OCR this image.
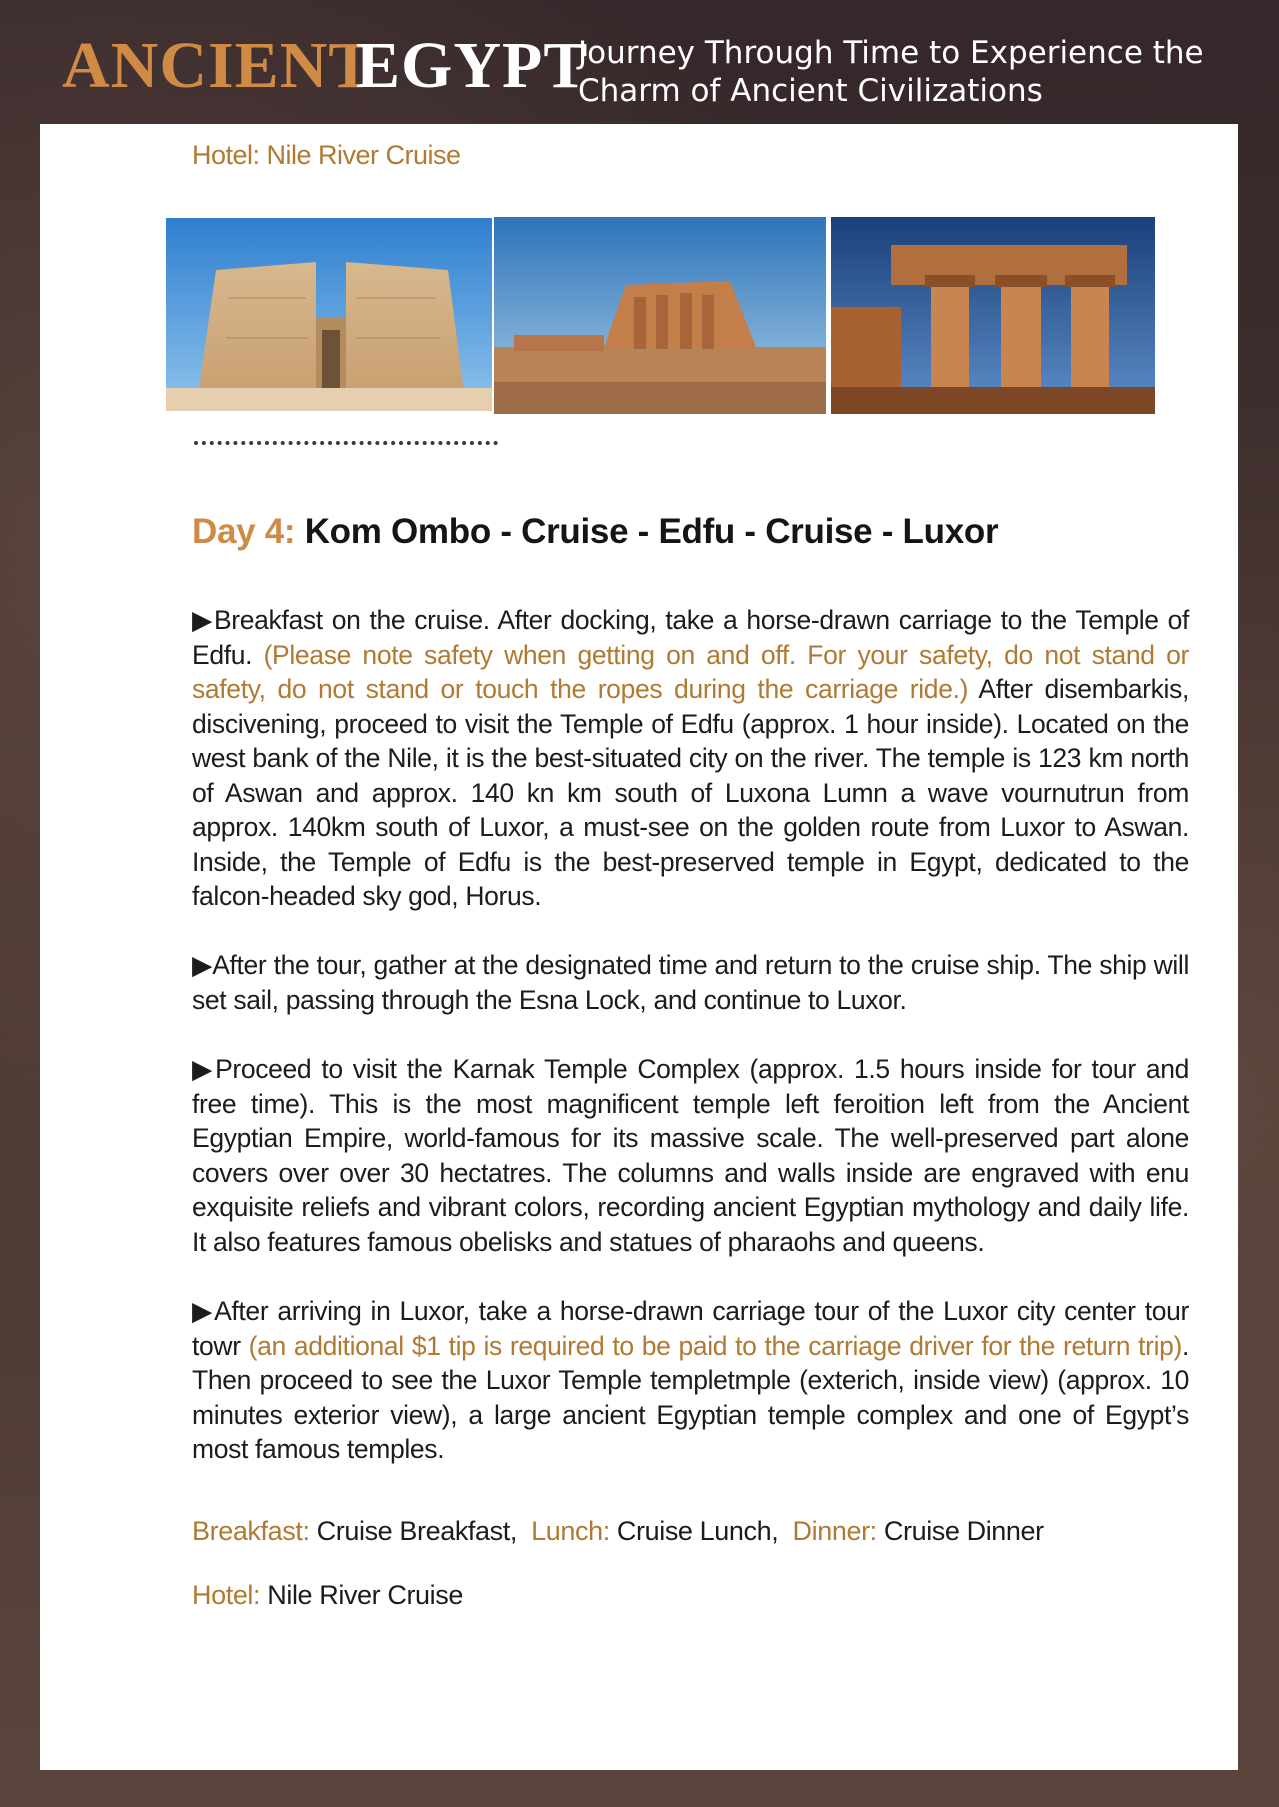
ANCIENT
EGYPT
Journey Through Time to Experience the
Charm of Ancient Civilizations
Hotel: Nile River Cruise
Day 4: Kom Ombo - Cruise - Edfu - Cruise - Luxor
▶Breakfast on the cruise. After docking, take a horse-drawn carriage to the Temple of Edfu. (Please note safety when getting on and off. For your safety, do not stand or safety, do not stand or touch the ropes during the carriage ride.) After disembarkis, discivening, proceed to visit the Temple of Edfu (approx. 1 hour inside). Located on the west bank of the Nile, it is the best-situated city on the river. The temple is 123 km north of Aswan and approx. 140 kn km south of Luxona Lumn a wave vournutrun from approx. 140km south of Luxor, a must-see on the golden route from Luxor to Aswan. Inside, the Temple of Edfu is the best-preserved temple in Egypt, dedicated to the falcon-headed sky god, Horus.
▶After the tour, gather at the designated time and return to the cruise ship. The ship will set sail, passing through the Esna Lock, and continue to Luxor.
▶Proceed to visit the Karnak Temple Complex (approx. 1.5 hours inside for tour and free time). This is the most magnificent temple left feroition left from the Ancient Egyptian Empire, world-famous for its massive scale. The well-preserved part alone covers over over 30 hectatres. The columns and walls inside are engraved with enu exquisite reliefs and vibrant colors, recording ancient Egyptian mythology and daily life. It also features famous obelisks and statues of pharaohs and queens.
▶After arriving in Luxor, take a horse-drawn carriage tour of the Luxor city center tour towr (an additional $1 tip is required to be paid to the carriage driver for the return trip). Then proceed to see the Luxor Temple templetmple (exterich, inside view) (approx. 10 minutes exterior view), a large ancient Egyptian temple complex and one of Egypt’s most famous temples.
Breakfast: Cruise Breakfast, Lunch: Cruise Lunch, Dinner: Cruise Dinner
Hotel: Nile River Cruise
